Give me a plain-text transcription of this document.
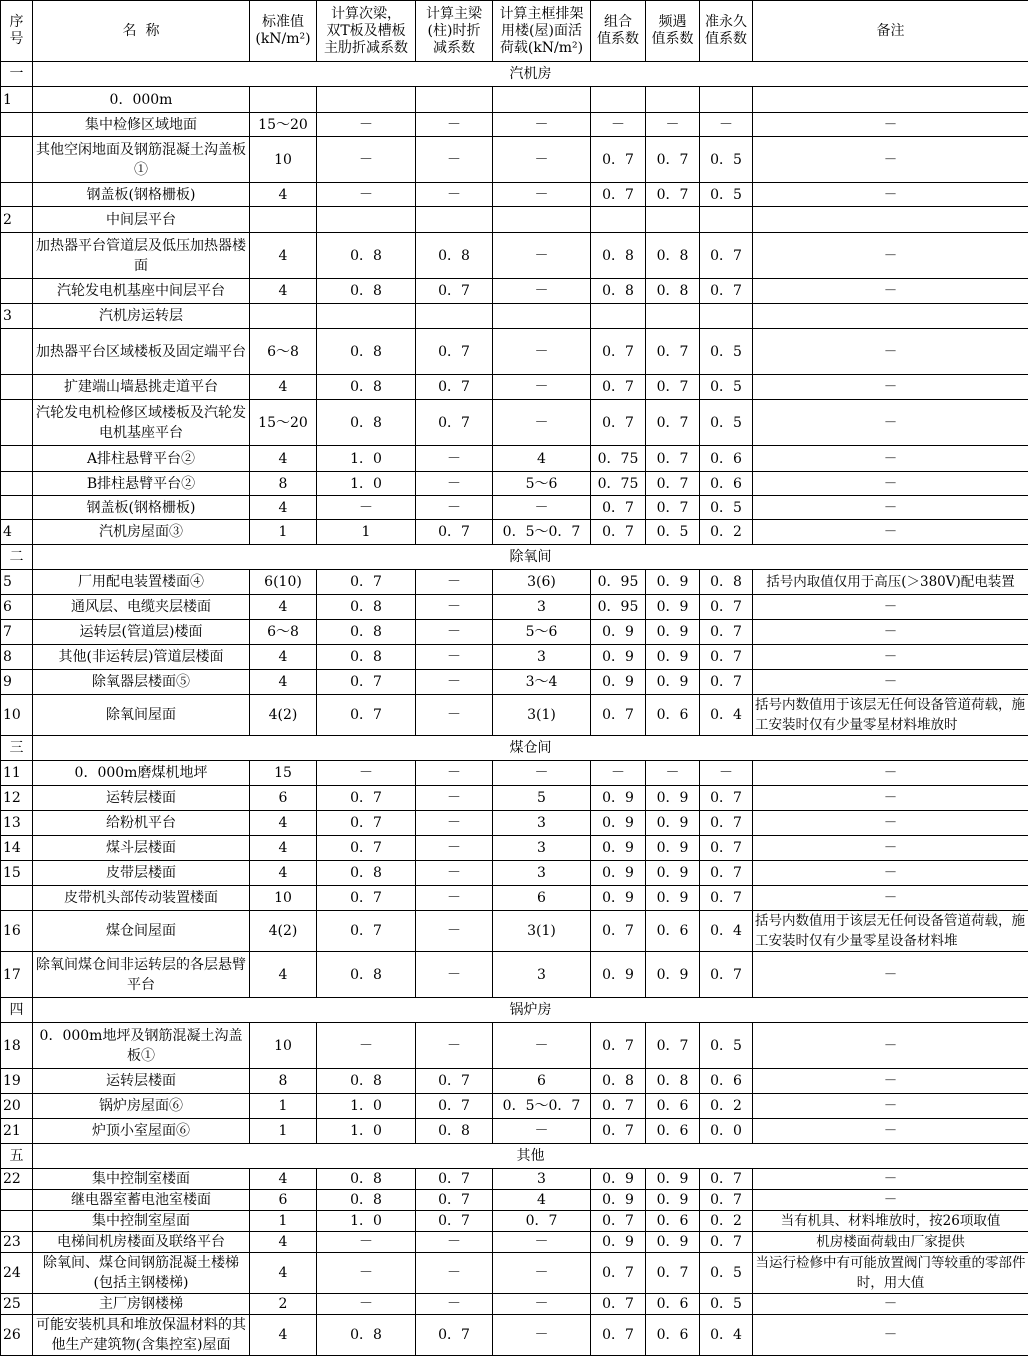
序
号	名  称	标准值
(kN/m²)	计算次梁，
双T板及槽板
主肋折减系数	计算主梁
(柱)时折
减系数	计算主框排架
用楼(屋)面活
荷载(kN/m²)	组合
值系数	频遇
值系数	准永久
值系数	备注
一	汽机房								
1	0．000m								
	集中检修区域地面	15～20	－	－	－	－	－	－	－
	其他空闲地面及钢筋混凝土沟盖板①	10	－	－	－	0．7	0．7	0．5	－
	钢盖板(钢格栅板)	4	－	－	－	0．7	0．7	0．5	－
2	中间层平台								
	加热器平台管道层及低压加热器楼面	4	0．8	0．8	－	0．8	0．8	0．7	－
	汽轮发电机基座中间层平台	4	0．8	0．7	－	0．8	0．8	0．7	－
3	汽机房运转层								
	加热器平台区域楼板及固定端平台	6～8	0．8	0．7	－	0．7	0．7	0．5	－
	扩建端山墙悬挑走道平台	4	0．8	0．7	－	0．7	0．7	0．5	－
	汽轮发电机检修区域楼板及汽轮发电机基座平台	15～20	0．8	0．7	－	0．7	0．7	0．5	－
	A排柱悬臂平台②	4	1．0	－	4	0．75	0．7	0．6	－
	B排柱悬臂平台②	8	1．0	－	5～6	0．75	0．7	0．6	－
	钢盖板(钢格栅板)	4	－	－	－	0．7	0．7	0．5	－
4	汽机房屋面③	1	1	0．7	0．5～0．7	0．7	0．5	0．2	－
二	除氧间								
5	厂用配电装置楼面④	6(10)	0．7	－	3(6)	0．95	0．9	0．8	括号内取值仅用于高压(＞380V)配电装置
6	通风层、电缆夹层楼面	4	0．8	－	3	0．95	0．9	0．7	－
7	运转层(管道层)楼面	6～8	0．8	－	5～6	0．9	0．9	0．7	－
8	其他(非运转层)管道层楼面	4	0．8	－	3	0．9	0．9	0．7	－
9	除氧器层楼面⑤	4	0．7	－	3～4	0．9	0．9	0．7	－
10	除氧间屋面	4(2)	0．7	－	3(1)	0．7	0．6	0．4	括号内数值用于该层无任何设备管道荷载，施工安装时仅有少量零星材料堆放时
三	煤仓间								
11	0．000m磨煤机地坪	15	－	－	－	－	－	－	－
12	运转层楼面	6	0．7	－	5	0．9	0．9	0．7	－
13	给粉机平台	4	0．7	－	3	0．9	0．9	0．7	－
14	煤斗层楼面	4	0．7	－	3	0．9	0．9	0．7	－
15	皮带层楼面	4	0．8	－	3	0．9	0．9	0．7	－
	皮带机头部传动装置楼面	10	0．7	－	6	0．9	0．9	0．7	－
16	煤仓间屋面	4(2)	0．7	－	3(1)	0．7	0．6	0．4	括号内数值用于该层无任何设备管道荷载，施工安装时仅有少量零星设备材料堆
17	除氧间煤仓间非运转层的各层悬臂平台	4	0．8	－	3	0．9	0．9	0．7	－
四	锅炉房								
18	0．000m地坪及钢筋混凝土沟盖板①	10	－	－	－	0．7	0．7	0．5	－
19	运转层楼面	8	0．8	0．7	6	0．8	0．8	0．6	－
20	锅炉房屋面⑥	1	1．0	0．7	0．5～0．7	0．7	0．6	0．2	－
21	炉顶小室屋面⑥	1	1．0	0．8	－	0．7	0．6	0．0	－
五	其他								
22	集中控制室楼面	4	0．8	0．7	3	0．9	0．9	0．7	－
	继电器室蓄电池室楼面	6	0．8	0．7	4	0．9	0．9	0．7	－
	集中控制室屋面	1	1．0	0．7	0．7	0．7	0．6	0．2	当有机具、材料堆放时，按26项取值
23	电梯间机房楼面及联络平台	4	－	－	－	0．9	0．9	0．7	机房楼面荷载由厂家提供
24	除氧间、煤仓间钢筋混凝土楼梯(包括主钢楼梯)	4	－	－	－	0．7	0．7	0．5	当运行检修中有可能放置阀门等较重的零部件时，用大值
25	主厂房钢楼梯	2	－	－	－	0．7	0．6	0．5	－
26	可能安装机具和堆放保温材料的其他生产建筑物(含集控室)屋面	4	0．8	0．7	－	0．7	0．6	0．4	－
